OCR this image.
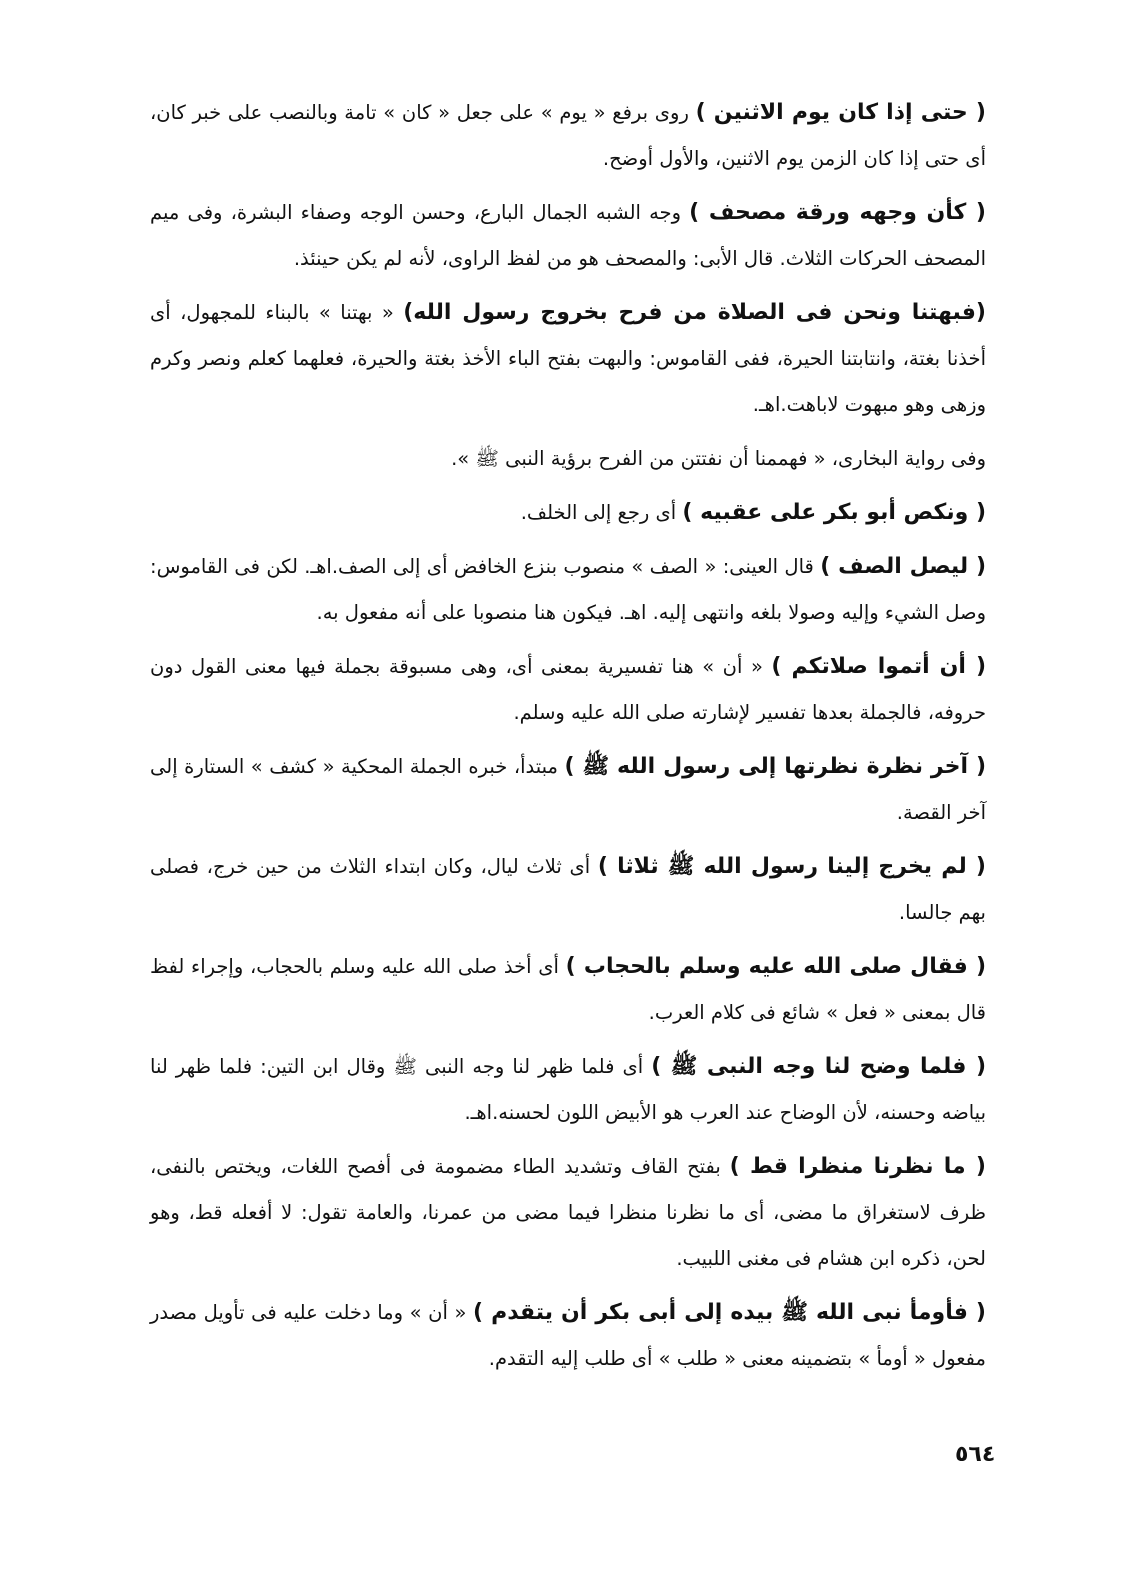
( حتى إذا كان يوم الاثنين ) روى برفع « يوم » على جعل « كان » تامة وبالنصب على خبر كان، أى حتى إذا كان الزمن يوم الاثنين، والأول أوضح.

( كأن وجهه ورقة مصحف ) وجه الشبه الجمال البارع، وحسن الوجه وصفاء البشرة، وفى ميم المصحف الحركات الثلاث. قال الأبى: والمصحف هو من لفظ الراوى، لأنه لم يكن حينئذ.

(فبهتنا ونحن فى الصلاة من فرح بخروج رسول الله) « بهتنا » بالبناء للمجهول، أى أخذنا بغتة، وانتابتنا الحيرة، ففى القاموس: والبهت بفتح الباء الأخذ بغتة والحيرة، فعلهما كعلم ونصر وكرم وزهى وهو مبهوت لاباهت.اهـ.

وفى رواية البخارى، « فهممنا أن نفتتن من الفرح برؤية النبى ﷺ ».

( ونكص أبو بكر على عقبيه ) أى رجع إلى الخلف.

( ليصل الصف ) قال العينى: « الصف » منصوب بنزع الخافض أى إلى الصف.اهـ. لكن فى القاموس: وصل الشيء وإليه وصولا بلغه وانتهى إليه. اهـ. فيكون هنا منصوبا على أنه مفعول به.

( أن أتموا صلاتكم ) « أن » هنا تفسيرية بمعنى أى، وهى مسبوقة بجملة فيها معنى القول دون حروفه، فالجملة بعدها تفسير لإشارته صلى الله عليه وسلم.

( آخر نظرة نظرتها إلى رسول الله ﷺ ) مبتدأ، خبره الجملة المحكية « كشف » الستارة إلى آخر القصة.

( لم يخرج إلينا رسول الله ﷺ ثلاثا ) أى ثلاث ليال، وكان ابتداء الثلاث من حين خرج، فصلى بهم جالسا.

( فقال صلى الله عليه وسلم بالحجاب ) أى أخذ صلى الله عليه وسلم بالحجاب، وإجراء لفظ قال بمعنى « فعل » شائع فى كلام العرب.

( فلما وضح لنا وجه النبى ﷺ ) أى فلما ظهر لنا وجه النبى ﷺ وقال ابن التين: فلما ظهر لنا بياضه وحسنه، لأن الوضاح عند العرب هو الأبيض اللون لحسنه.اهـ.

( ما نظرنا منظرا قط ) بفتح القاف وتشديد الطاء مضمومة فى أفصح اللغات، ويختص بالنفى، ظرف لاستغراق ما مضى، أى ما نظرنا منظرا فيما مضى من عمرنا، والعامة تقول: لا أفعله قط، وهو لحن، ذكره ابن هشام فى مغنى اللبيب.

( فأومأ نبى الله ﷺ بيده إلى أبى بكر أن يتقدم ) « أن » وما دخلت عليه فى تأويل مصدر مفعول « أومأ » بتضمينه معنى « طلب » أى طلب إليه التقدم.

٥٦٤
